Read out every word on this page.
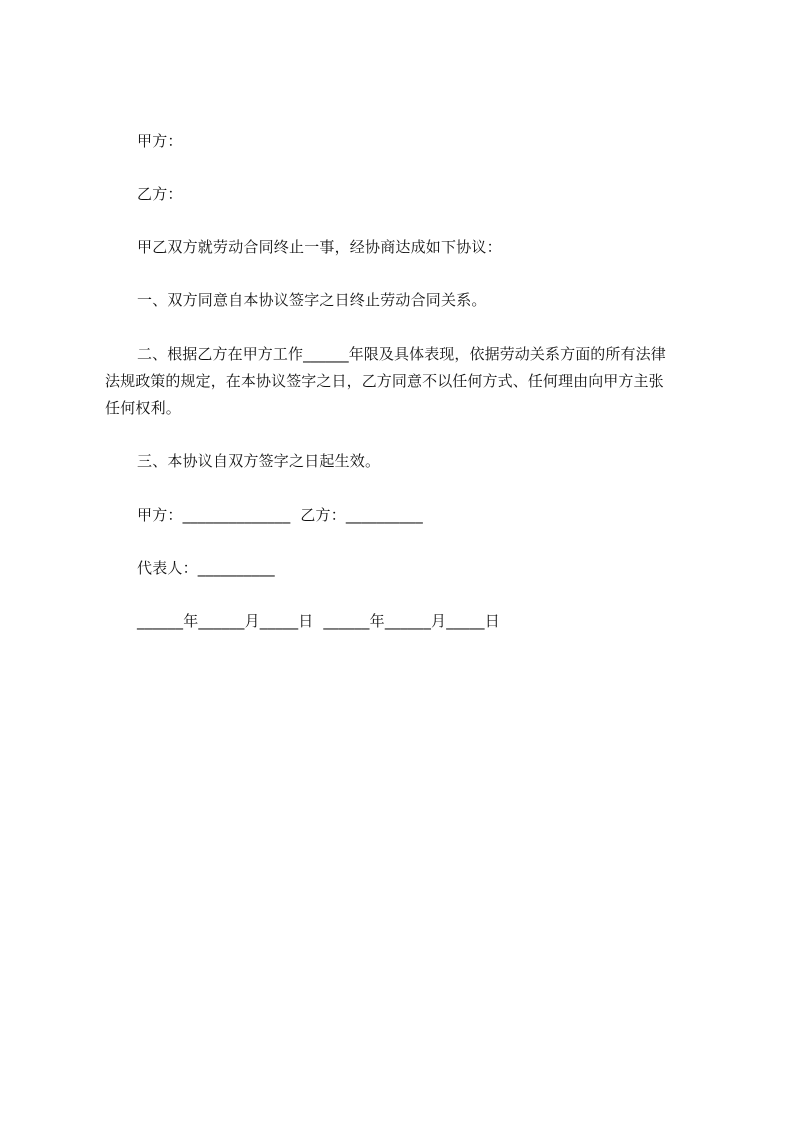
甲方：
乙方：
甲乙双方就劳动合同终止一事，经协商达成如下协议：
一、双方同意自本协议签字之日终止劳动合同关系。
二、根据乙方在甲方工作______年限及具体表现，依据劳动关系方面的所有法律
法规政策的规定，在本协议签字之日，乙方同意不以任何方式、任何理由向甲方主张
任何权利。
三、本协议自双方签字之日起生效。
甲方：______________  乙方：__________
代表人：__________
______年______月_____日  ______年______月_____日
